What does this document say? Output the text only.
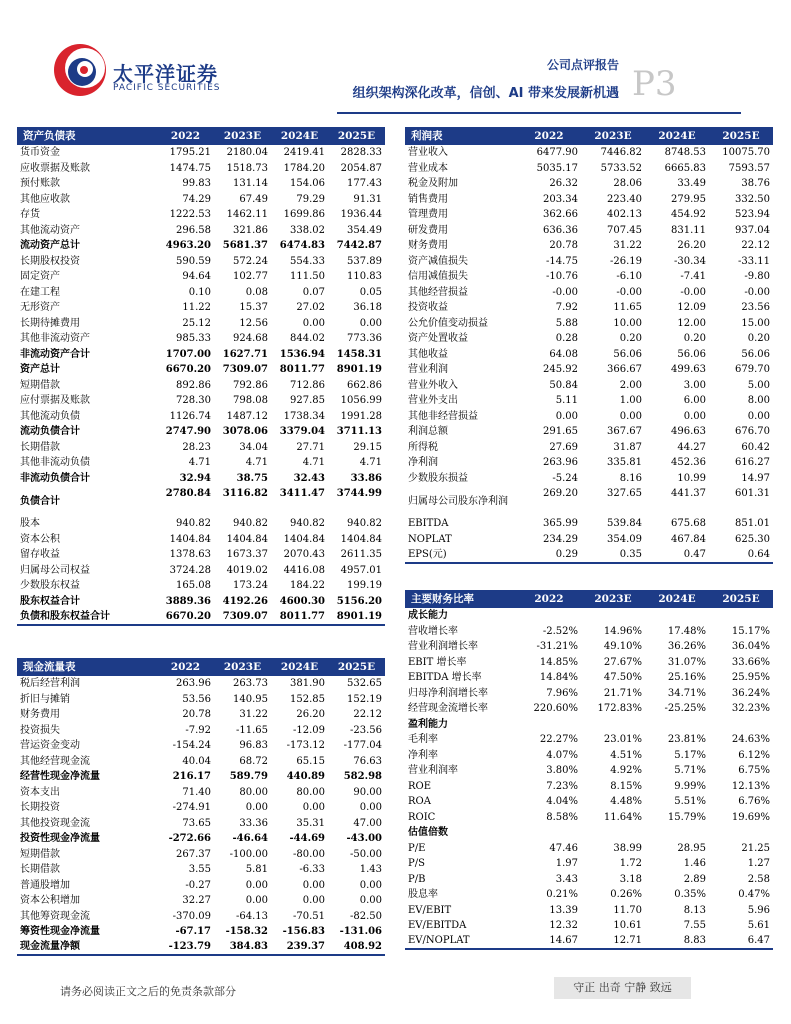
太平洋证券
PACIFIC SECURITIES
公司点评报告
组织架构深化改革，信创、AI 带来发展新机遇 P3
资产负债表	2022	2023E	2024E	2025E
货币资金	1795.21	2180.04	2419.41	2828.33
应收票据及账款	1474.75	1518.73	1784.20	2054.87
预付账款	99.83	131.14	154.06	177.43
其他应收款	74.29	67.49	79.29	91.31
存货	1222.53	1462.11	1699.86	1936.44
其他流动资产	296.58	321.86	338.02	354.49
流动资产总计	4963.20	5681.37	6474.83	7442.87
长期股权投资	590.59	572.24	554.33	537.89
固定资产	94.64	102.77	111.50	110.83
在建工程	0.10	0.08	0.07	0.05
无形资产	11.22	15.37	27.02	36.18
长期待摊费用	25.12	12.56	0.00	0.00
其他非流动资产	985.33	924.68	844.02	773.36
非流动资产合计	1707.00	1627.71	1536.94	1458.31
资产总计	6670.20	7309.07	8011.77	8901.19
短期借款	892.86	792.86	712.86	662.86
应付票据及账款	728.30	798.08	927.85	1056.99
其他流动负债	1126.74	1487.12	1738.34	1991.28
流动负债合计	2747.90	3078.06	3379.04	3711.13
长期借款	28.23	34.04	27.71	29.15
其他非流动负债	4.71	4.71	4.71	4.71
非流动负债合计	32.94	38.75	32.43	33.86
负债合计	2780.84	3116.82	3411.47	3744.99
股本	940.82	940.82	940.82	940.82
资本公积	1404.84	1404.84	1404.84	1404.84
留存收益	1378.63	1673.37	2070.43	2611.35
归属母公司权益	3724.28	4019.02	4416.08	4957.01
少数股东权益	165.08	173.24	184.22	199.19
股东权益合计	3889.36	4192.26	4600.30	5156.20
负债和股东权益合计	6670.20	7309.07	8011.77	8901.19
利润表	2022	2023E	2024E	2025E
营业收入	6477.90	7446.82	8748.53	10075.70
营业成本	5035.17	5733.52	6665.83	7593.57
税金及附加	26.32	28.06	33.49	38.76
销售费用	203.34	223.40	279.95	332.50
管理费用	362.66	402.13	454.92	523.94
研发费用	636.36	707.45	831.11	937.04
财务费用	20.78	31.22	26.20	22.12
资产减值损失	-14.75	-26.19	-30.34	-33.11
信用减值损失	-10.76	-6.10	-7.41	-9.80
其他经营损益	-0.00	-0.00	-0.00	-0.00
投资收益	7.92	11.65	12.09	23.56
公允价值变动损益	5.88	10.00	12.00	15.00
资产处置收益	0.28	0.20	0.20	0.20
其他收益	64.08	56.06	56.06	56.06
营业利润	245.92	366.67	499.63	679.70
营业外收入	50.84	2.00	3.00	5.00
营业外支出	5.11	1.00	6.00	8.00
其他非经营损益	0.00	0.00	0.00	0.00
利润总额	291.65	367.67	496.63	676.70
所得税	27.69	31.87	44.27	60.42
净利润	263.96	335.81	452.36	616.27
少数股东损益	-5.24	8.16	10.99	14.97
归属母公司股东净利润	269.20	327.65	441.37	601.31
EBITDA	365.99	539.84	675.68	851.01
NOPLAT	234.29	354.09	467.84	625.30
EPS(元)	0.29	0.35	0.47	0.64
现金流量表	2022	2023E	2024E	2025E
税后经营利润	263.96	263.73	381.90	532.65
折旧与摊销	53.56	140.95	152.85	152.19
财务费用	20.78	31.22	26.20	22.12
投资损失	-7.92	-11.65	-12.09	-23.56
营运资金变动	-154.24	96.83	-173.12	-177.04
其他经营现金流	40.04	68.72	65.15	76.63
经营性现金净流量	216.17	589.79	440.89	582.98
资本支出	71.40	80.00	80.00	90.00
长期投资	-274.91	0.00	0.00	0.00
其他投资现金流	73.65	33.36	35.31	47.00
投资性现金净流量	-272.66	-46.64	-44.69	-43.00
短期借款	267.37	-100.00	-80.00	-50.00
长期借款	3.55	5.81	-6.33	1.43
普通股增加	-0.27	0.00	0.00	0.00
资本公积增加	32.27	0.00	0.00	0.00
其他筹资现金流	-370.09	-64.13	-70.51	-82.50
筹资性现金净流量	-67.17	-158.32	-156.83	-131.06
现金流量净额	-123.79	384.83	239.37	408.92
主要财务比率	2022	2023E	2024E	2025E
成长能力				
营收增长率	-2.52%	14.96%	17.48%	15.17%
营业利润增长率	-31.21%	49.10%	36.26%	36.04%
EBIT 增长率	14.85%	27.67%	31.07%	33.66%
EBITDA 增长率	14.84%	47.50%	25.16%	25.95%
归母净利润增长率	7.96%	21.71%	34.71%	36.24%
经营现金流增长率	220.60%	172.83%	-25.25%	32.23%
盈利能力				
毛利率	22.27%	23.01%	23.81%	24.63%
净利率	4.07%	4.51%	5.17%	6.12%
营业利润率	3.80%	4.92%	5.71%	6.75%
ROE	7.23%	8.15%	9.99%	12.13%
ROA	4.04%	4.48%	5.51%	6.76%
ROIC	8.58%	11.64%	15.79%	19.69%
估值倍数				
P/E	47.46	38.99	28.95	21.25
P/S	1.97	1.72	1.46	1.27
P/B	3.43	3.18	2.89	2.58
股息率	0.21%	0.26%	0.35%	0.47%
EV/EBIT	13.39	11.70	8.13	5.96
EV/EBITDA	12.32	10.61	7.55	5.61
EV/NOPLAT	14.67	12.71	8.83	6.47
请务必阅读正文之后的免责条款部分	守正 出奇 宁静 致远
